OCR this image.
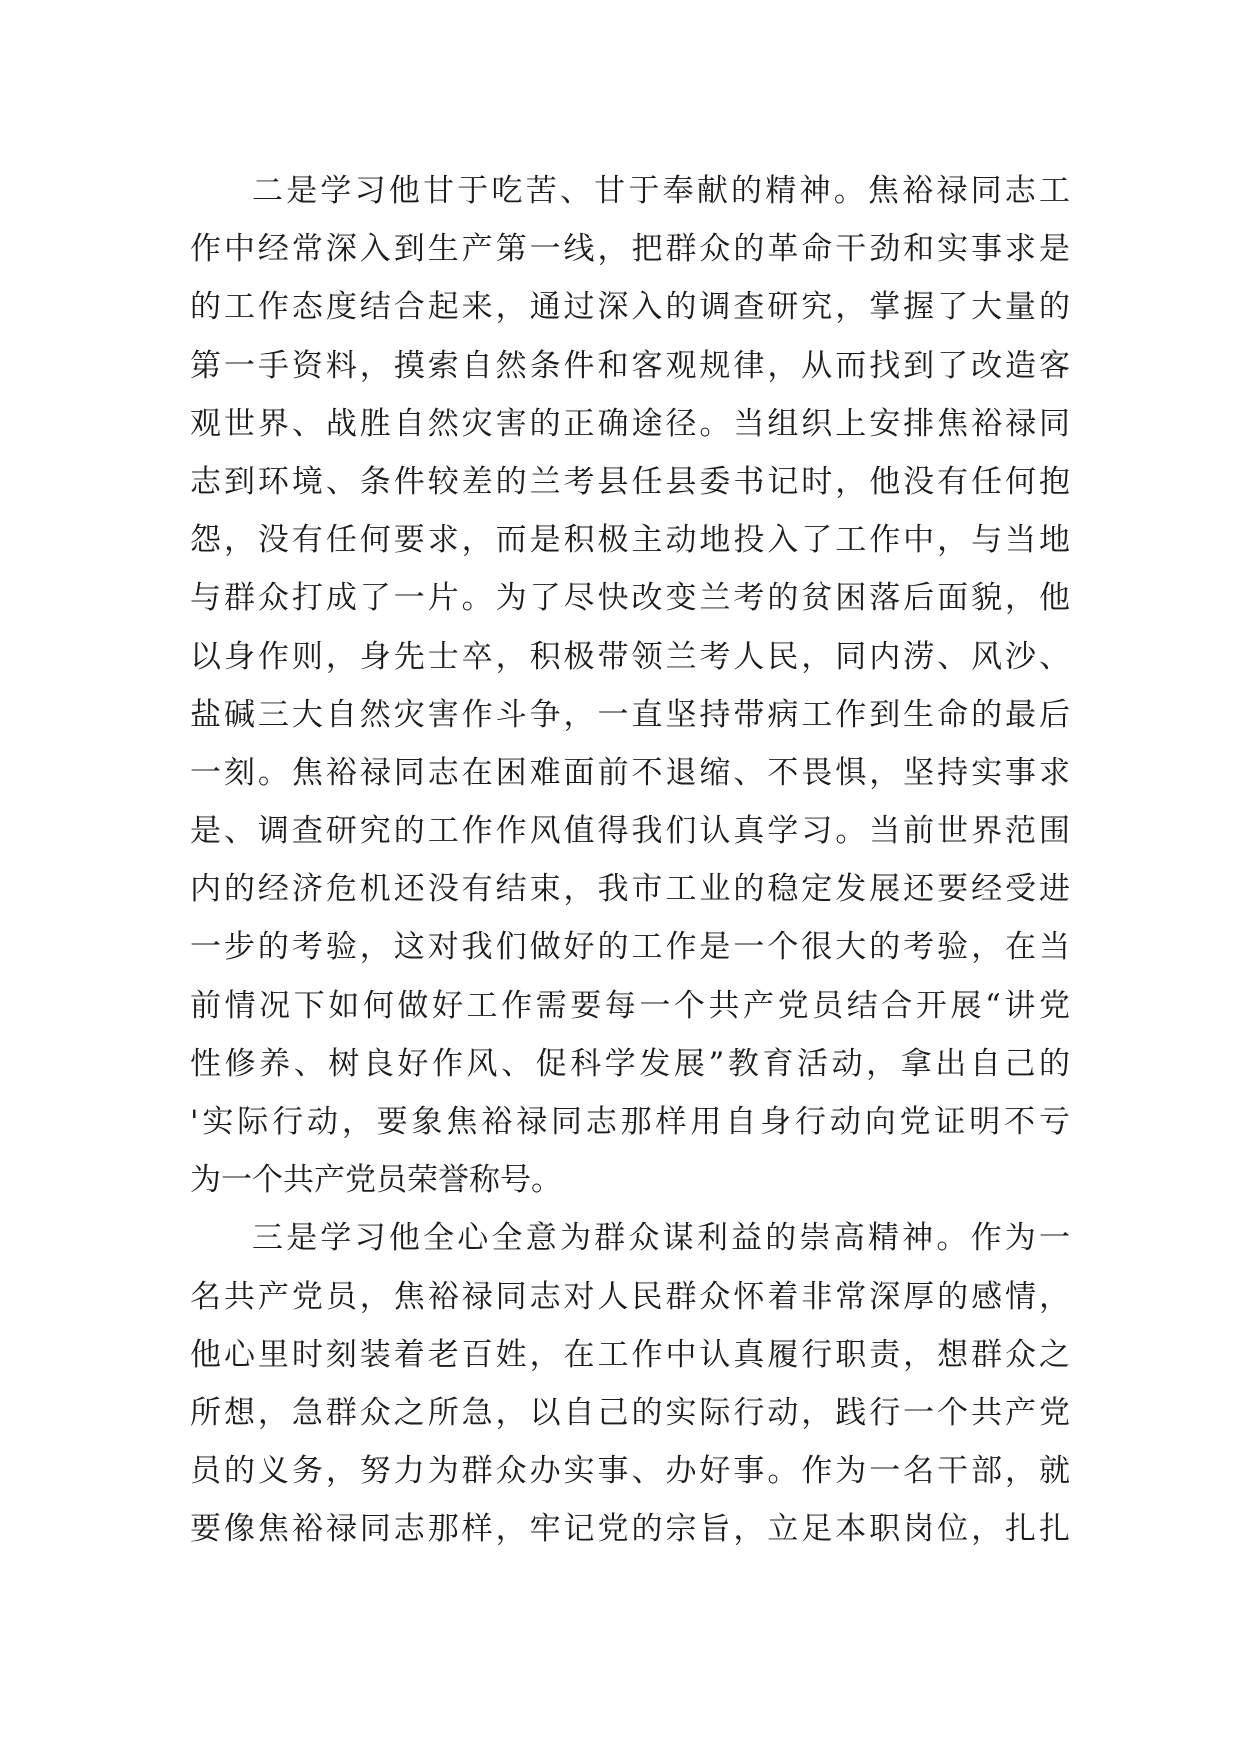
二是学习他甘于吃苦、甘于奉献的精神。焦裕禄同志工
作中经常深入到生产第一线，把群众的革命干劲和实事求是
的工作态度结合起来，通过深入的调查研究，掌握了大量的
第一手资料，摸索自然条件和客观规律，从而找到了改造客
观世界、战胜自然灾害的正确途径。当组织上安排焦裕禄同
志到环境、条件较差的兰考县任县委书记时，他没有任何抱
怨，没有任何要求，而是积极主动地投入了工作中，与当地
与群众打成了一片。为了尽快改变兰考的贫困落后面貌，他
以身作则，身先士卒，积极带领兰考人民，同内涝、风沙、
盐碱三大自然灾害作斗争，一直坚持带病工作到生命的最后
一刻。焦裕禄同志在困难面前不退缩、不畏惧，坚持实事求
是、调查研究的工作作风值得我们认真学习。当前世界范围
内的经济危机还没有结束，我市工业的稳定发展还要经受进
一步的考验，这对我们做好的工作是一个很大的考验，在当
前情况下如何做好工作需要每一个共产党员结合开展“讲党
性修养、树良好作风、促科学发展”教育活动，拿出自己的
'实际行动，要象焦裕禄同志那样用自身行动向党证明不亏
为一个共产党员荣誉称号。
三是学习他全心全意为群众谋利益的崇高精神。作为一
名共产党员，焦裕禄同志对人民群众怀着非常深厚的感情，
他心里时刻装着老百姓，在工作中认真履行职责，想群众之
所想，急群众之所急，以自己的实际行动，践行一个共产党
员的义务，努力为群众办实事、办好事。作为一名干部，就
要像焦裕禄同志那样，牢记党的宗旨，立足本职岗位，扎扎
